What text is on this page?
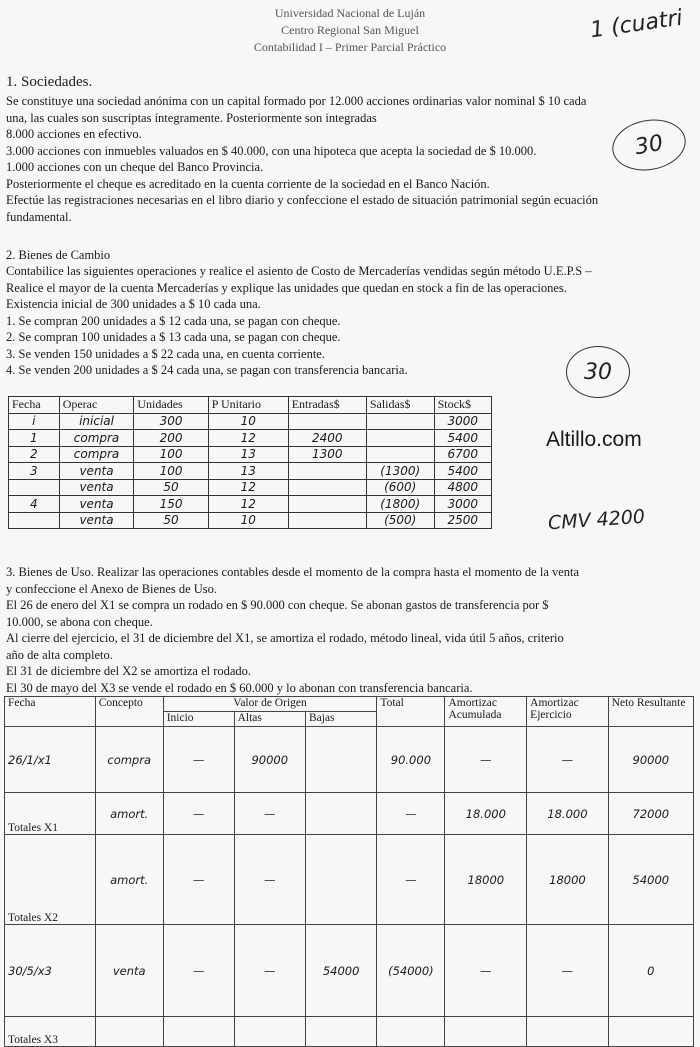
Universidad Nacional de Luján
Centro Regional San Miguel
Contabilidad I – Primer Parcial Práctico
1 (cuatri
1. Sociedades.
Se constituye una sociedad anónima con un capital formado por 12.000 acciones ordinarias valor nominal $ 10 cada
una, las cuales son suscriptas íntegramente. Posteriormente son integradas
8.000 acciones en efectivo.
3.000 acciones con inmuebles valuados en $ 40.000, con una hipoteca que acepta la sociedad de $ 10.000.
1.000 acciones con un cheque del Banco Provincia.
Posteriormente el cheque es acreditado en la cuenta corriente de la sociedad en el Banco Nación.
Efectúe las registraciones necesarias en el libro diario y confeccione el estado de situación patrimonial según ecuación
fundamental.
30
2. Bienes de Cambio
Contabilice las siguientes operaciones y realice el asiento de Costo de Mercaderías vendidas según método U.E.P.S –
Realice el mayor de la cuenta Mercaderías y explique las unidades que quedan en stock a fin de las operaciones.
Existencia inicial de 300 unidades a $ 10 cada una.
1. Se compran 200 unidades a $ 12 cada una, se pagan con cheque.
2. Se compran 100 unidades a $ 13 cada una, se pagan con cheque.
3. Se venden 150 unidades a $ 22 cada una, en cuenta corriente.
4. Se venden 200 unidades a $ 24 cada una, se pagan con transferencia bancaria.	30
Altillo.com
Fecha	Operac	Unidades	P Unitario	Entradas$	Salidas$	Stock$
i	inicial	300	10			3000
1	compra	200	12	2400		5400
2	compra	100	13	1300		6700
3	venta	100	13		(1300)	5400
	venta	50	12		(600)	4800
4	venta	150	12		(1800)	3000
	venta	50	10		(500)	2500	CMV 4200
3. Bienes de Uso. Realizar las operaciones contables desde el momento de la compra hasta el momento de la venta
y confeccione el Anexo de Bienes de Uso.
El 26 de enero del X1 se compra un rodado en $ 90.000 con cheque. Se abonan gastos de transferencia por $
10.000, se abona con cheque.
Al cierre del ejercicio, el 31 de diciembre del X1, se amortiza el rodado, método lineal, vida útil 5 años, criterio
año de alta completo.
El 31 de diciembre del X2 se amortiza el rodado.
El 30 de mayo del X3 se vende el rodado en $ 60.000 y lo abonan con transferencia bancaria.
Fecha	Concepto	Valor de Origen			Total	Amortizac Acumulada	Amortizac Ejercicio	Neto Resultante
		Inicio	Altas	Bajas				
26/1/x1	compra	—	90000		90.000	—	—	90000
Totales X1	amort.	—	—		—	18.000	18.000	72000
Totales X2	amort.	—	—		—	18000	18000	54000
30/5/x3	venta	—	—	54000	(54000)	—	—	0
Totales X3								
